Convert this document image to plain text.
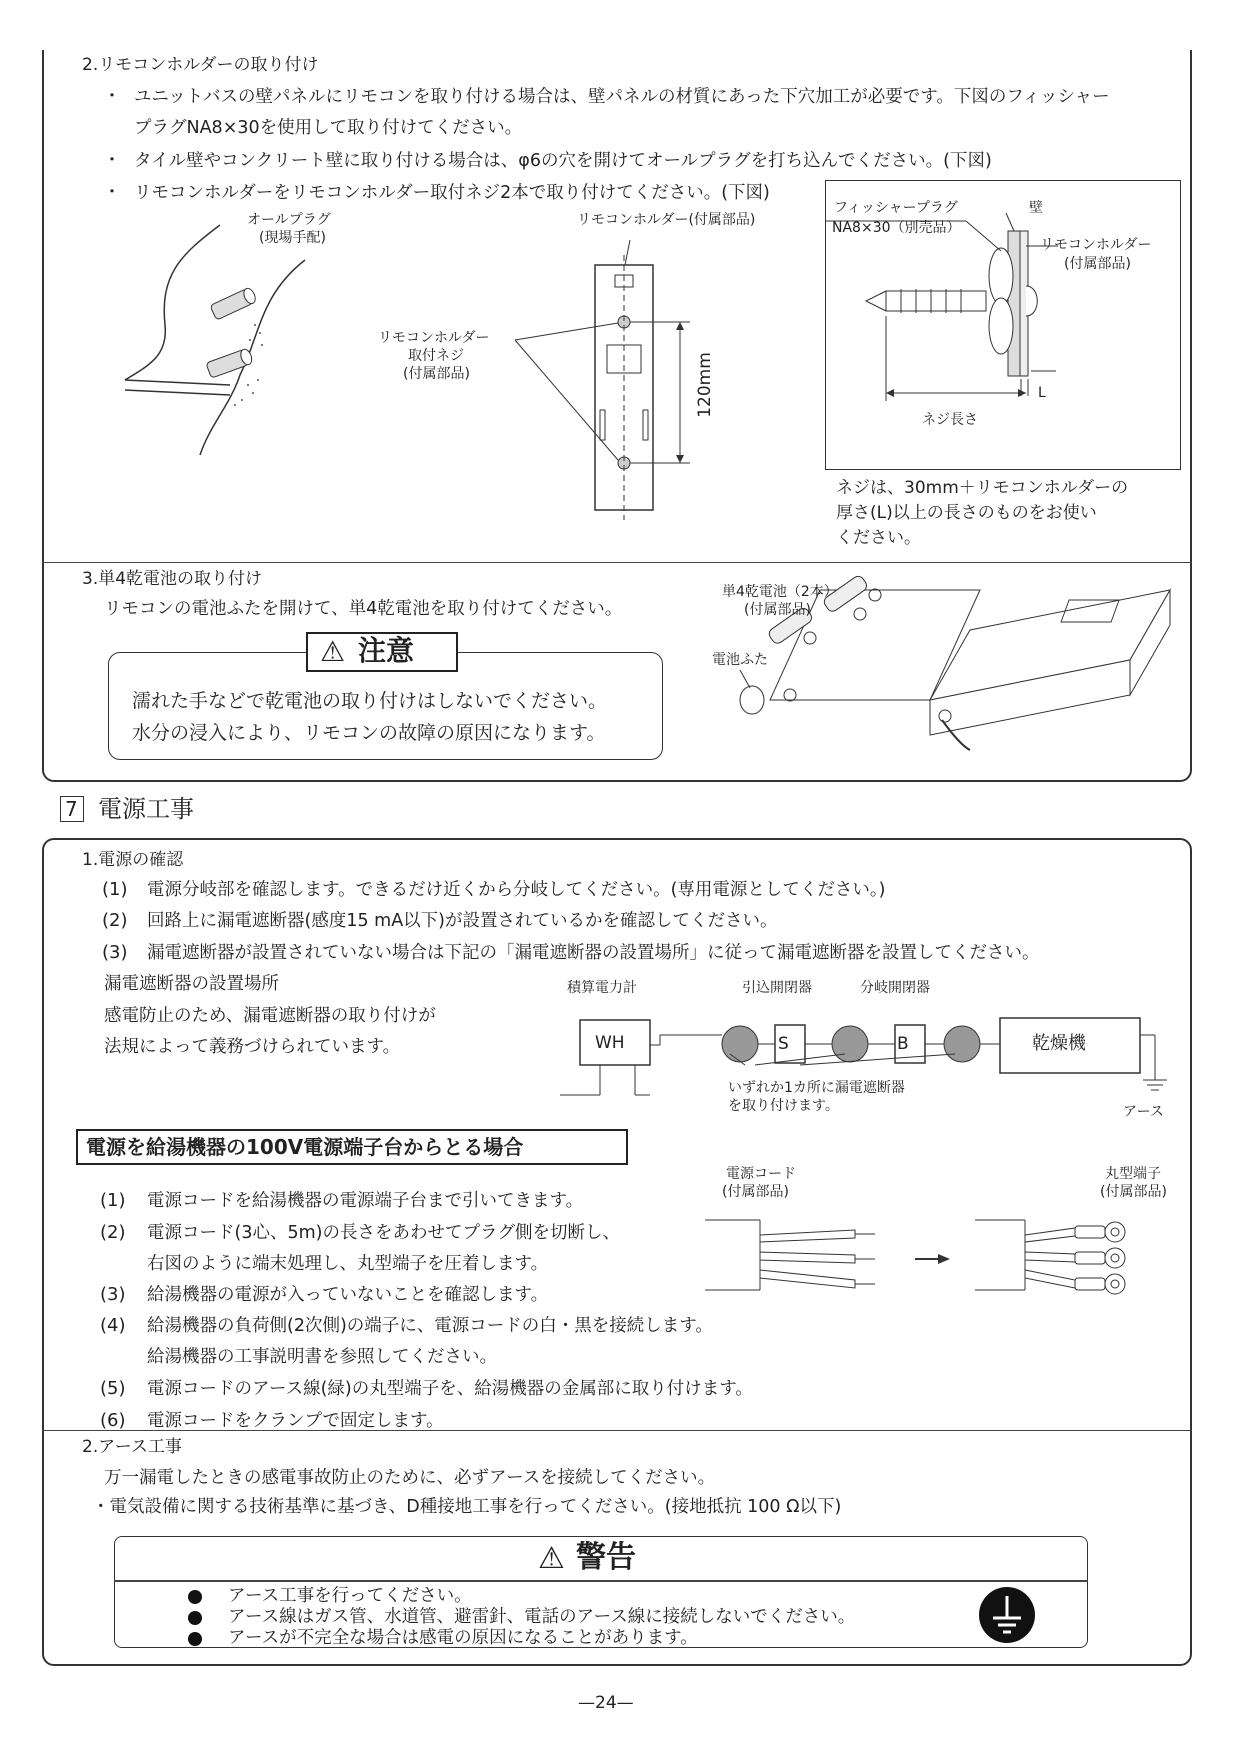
2.リモコンホルダーの取り付け
・ ユニットバスの壁パネルにリモコンを取り付ける場合は、壁パネルの材質にあった下穴加工が必要です。下図のフィッシャー
プラグNA8×30を使用して取り付けてください。
・ タイル壁やコンクリート壁に取り付ける場合は、φ6の穴を開けてオールプラグを打ち込んでください。(下図)
・ リモコンホルダーをリモコンホルダー取付ネジ2本で取り付けてください。(下図)
オールプラグ
(現場手配)
リモコンホルダー(付属部品)
リモコンホルダー
取付ネジ
(付属部品)	120mm
フィッシャープラグ
NA8×30（別売品）
壁
リモコンホルダー
(付属部品)
L
ネジ長さ
ネジは、30mm＋リモコンホルダーの
厚さ(L)以上の長さのものをお使い
ください。
3.単4乾電池の取り付け
リモコンの電池ふたを開けて、単4乾電池を取り付けてください。
⚠ 注意
濡れた手などで乾電池の取り付けはしないでください。
水分の浸入により、リモコンの故障の原因になります。
単4乾電池（2本）
(付属部品)
電池ふた
7 電源工事
1.電源の確認
(1) 電源分岐部を確認します。できるだけ近くから分岐してください。(専用電源としてください。)
(2) 回路上に漏電遮断器(感度15 mA以下)が設置されているかを確認してください。
(3) 漏電遮断器が設置されていない場合は下記の「漏電遮断器の設置場所」に従って漏電遮断器を設置してください。
漏電遮断器の設置場所
感電防止のため、漏電遮断器の取り付けが
法規によって義務づけられています。
積算電力計	引込開閉器	分岐開閉器
WH	S	B	乾燥機
いずれか1カ所に漏電遮断器
を取り付けます。	アース
電源を給湯機器の100V電源端子台からとる場合
(1) 電源コードを給湯機器の電源端子台まで引いてきます。
(2) 電源コード(3心、5m)の長さをあわせてプラグ側を切断し、
右図のように端末処理し、丸型端子を圧着します。
(3) 給湯機器の電源が入っていないことを確認します。
(4) 給湯機器の負荷側(2次側)の端子に、電源コードの白・黒を接続します。
給湯機器の工事説明書を参照してください。
(5) 電源コードのアース線(緑)の丸型端子を、給湯機器の金属部に取り付けます。
(6) 電源コードをクランプで固定します。
電源コード
(付属部品)
丸型端子
(付属部品)
2.アース工事
万一漏電したときの感電事故防止のために、必ずアースを接続してください。
・電気設備に関する技術基準に基づき、D種接地工事を行ってください。(接地抵抗 100 Ω以下)
⚠ 警告
アース工事を行ってください。
アース線はガス管、水道管、避雷針、電話のアース線に接続しないでください。
アースが不完全な場合は感電の原因になることがあります。
—24—
